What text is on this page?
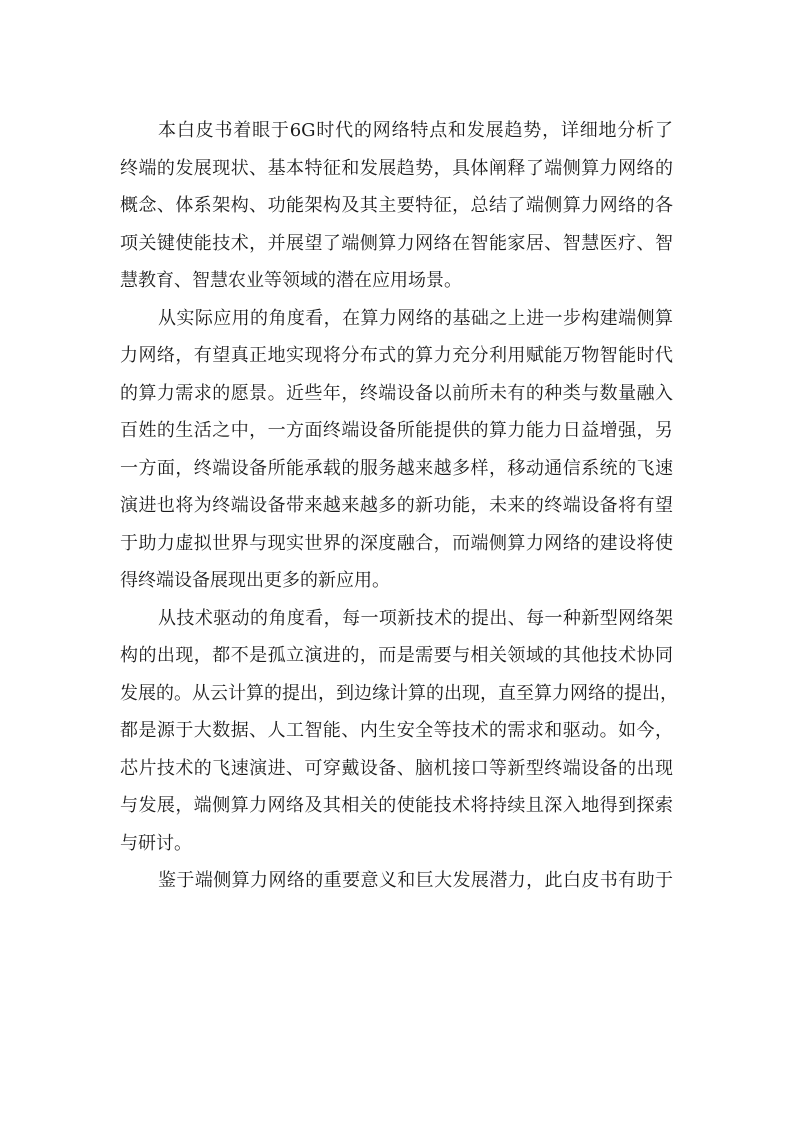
本白皮书着眼于6G时代的网络特点和发展趋势，详细地分析了
终端的发展现状、基本特征和发展趋势，具体阐释了端侧算力网络的
概念、体系架构、功能架构及其主要特征，总结了端侧算力网络的各
项关键使能技术，并展望了端侧算力网络在智能家居、智慧医疗、智
慧教育、智慧农业等领域的潜在应用场景。
从实际应用的角度看，在算力网络的基础之上进一步构建端侧算
力网络，有望真正地实现将分布式的算力充分利用赋能万物智能时代
的算力需求的愿景。近些年，终端设备以前所未有的种类与数量融入
百姓的生活之中，一方面终端设备所能提供的算力能力日益增强，另
一方面，终端设备所能承载的服务越来越多样，移动通信系统的飞速
演进也将为终端设备带来越来越多的新功能，未来的终端设备将有望
于助力虚拟世界与现实世界的深度融合，而端侧算力网络的建设将使
得终端设备展现出更多的新应用。
从技术驱动的角度看，每一项新技术的提出、每一种新型网络架
构的出现，都不是孤立演进的，而是需要与相关领域的其他技术协同
发展的。从云计算的提出，到边缘计算的出现，直至算力网络的提出，
都是源于大数据、人工智能、内生安全等技术的需求和驱动。如今，
芯片技术的飞速演进、可穿戴设备、脑机接口等新型终端设备的出现
与发展，端侧算力网络及其相关的使能技术将持续且深入地得到探索
与研讨。
鉴于端侧算力网络的重要意义和巨大发展潜力，此白皮书有助于
